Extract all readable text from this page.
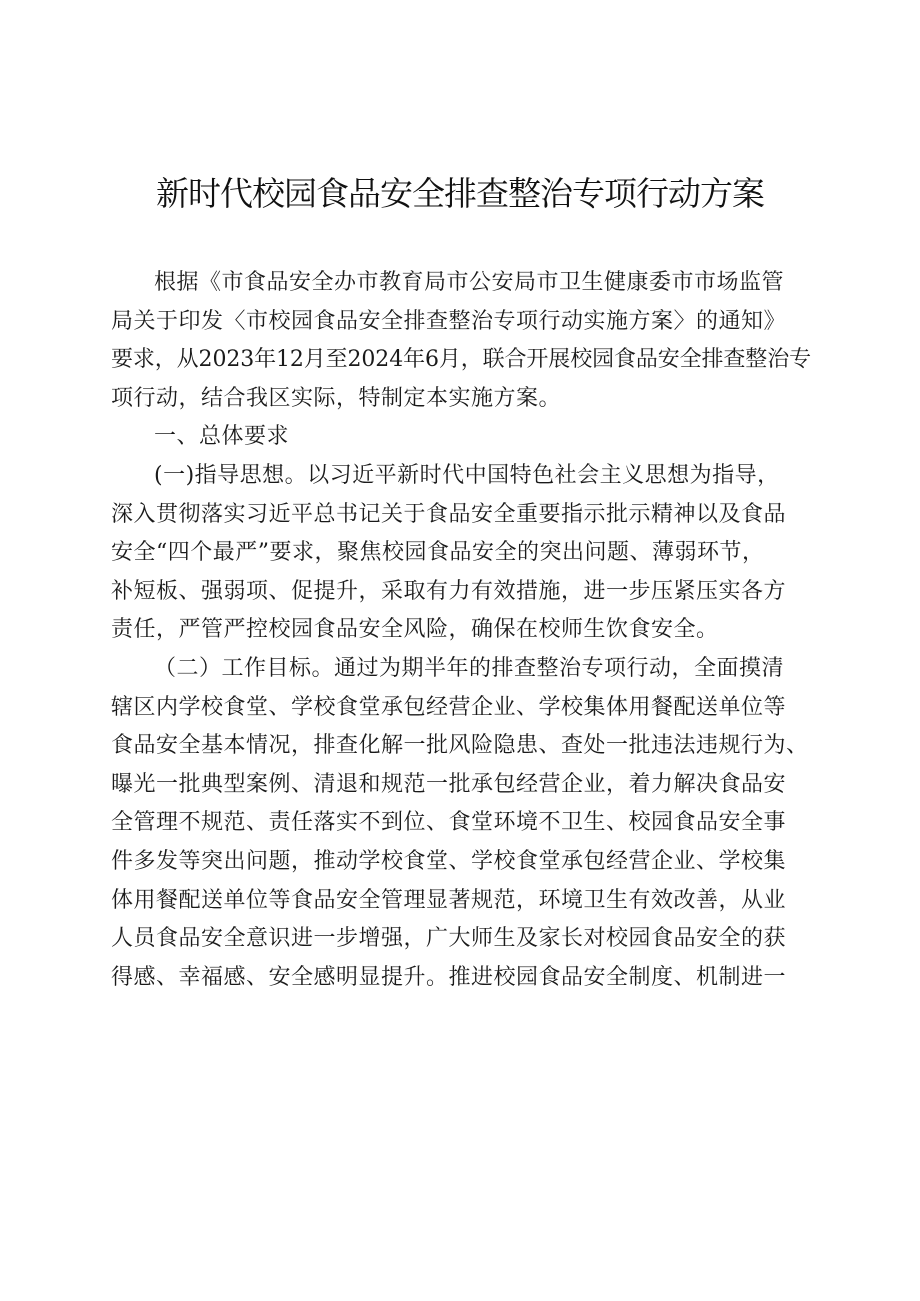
新时代校园食品安全排查整治专项行动方案
根据《市食品安全办市教育局市公安局市卫生健康委市市场监管
局关于印发〈市校园食品安全排查整治专项行动实施方案〉的通知》
要求，从2023年12月至2024年6月，联合开展校园食品安全排查整治专
项行动，结合我区实际，特制定本实施方案。
一、总体要求
(一)指导思想。以习近平新时代中国特色社会主义思想为指导，
深入贯彻落实习近平总书记关于食品安全重要指示批示精神以及食品
安全“四个最严”要求，聚焦校园食品安全的突出问题、薄弱环节，
补短板、强弱项、促提升，采取有力有效措施，进一步压紧压实各方
责任，严管严控校园食品安全风险，确保在校师生饮食安全。
（二）工作目标。通过为期半年的排查整治专项行动，全面摸清
辖区内学校食堂、学校食堂承包经营企业、学校集体用餐配送单位等
食品安全基本情况，排查化解一批风险隐患、查处一批违法违规行为、
曝光一批典型案例、清退和规范一批承包经营企业，着力解决食品安
全管理不规范、责任落实不到位、食堂环境不卫生、校园食品安全事
件多发等突出问题，推动学校食堂、学校食堂承包经营企业、学校集
体用餐配送单位等食品安全管理显著规范，环境卫生有效改善，从业
人员食品安全意识进一步增强，广大师生及家长对校园食品安全的获
得感、幸福感、安全感明显提升。推进校园食品安全制度、机制进一
